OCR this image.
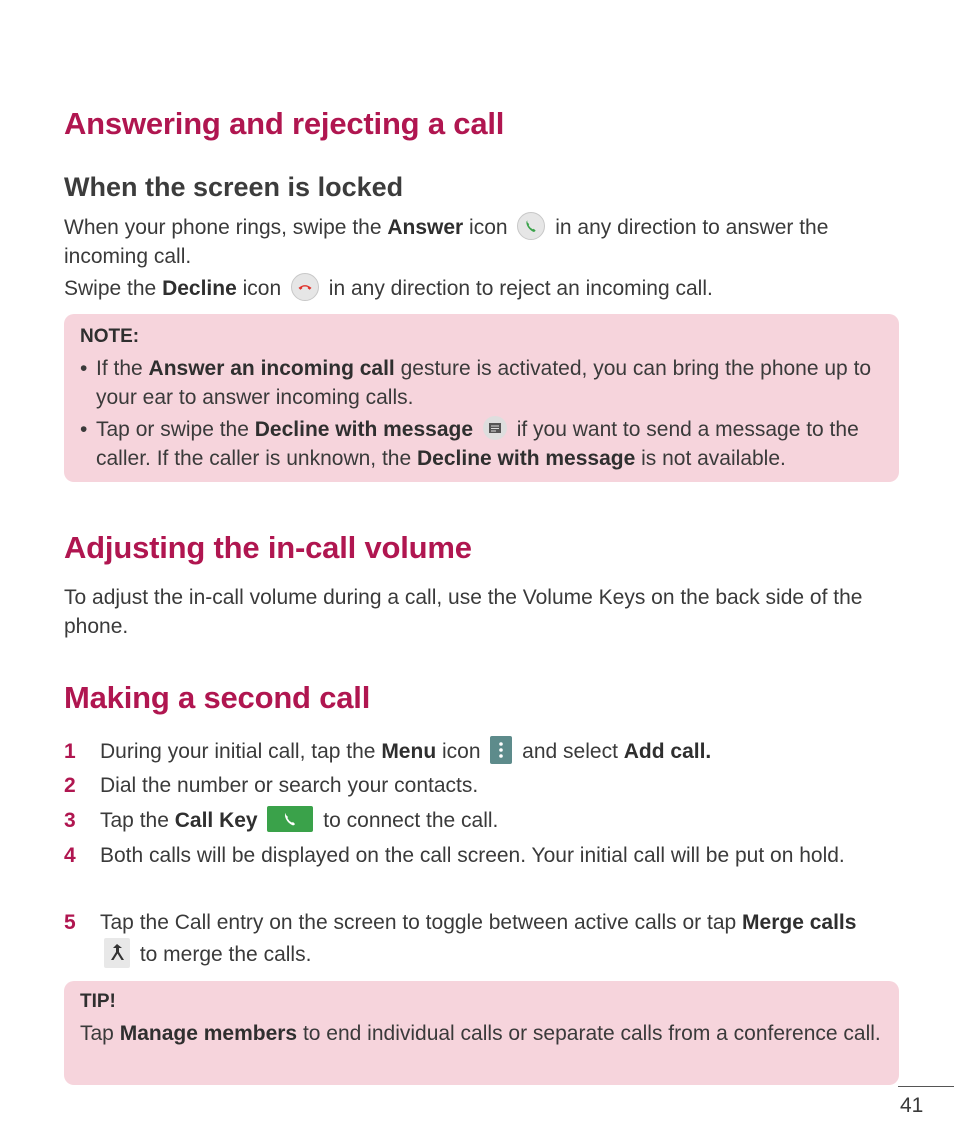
Answering and rejecting a call
When the screen is locked

When your phone rings, swipe the Answer icon
in any direction to answer the incoming call.

Swipe the Decline icon
in any direction to reject an incoming call.

NOTE:
• If the Answer an incoming call gesture is activated, you can bring the phone up to your ear to answer incoming calls.
• Tap or swipe the Decline with message
if you want to send a message to the caller. If the caller is unknown, the Decline with message is not available.
Adjusting the in-call volume

To adjust the in-call volume during a call, use the Volume Keys on the back side of the phone.

Making a second call
1 During your initial call, tap the Menu icon
and select Add call.
2 Dial the number or search your contacts.
3 Tap the Call Key	to connect the call.
4 Both calls will be displayed on the call screen. Your initial call will be put on hold.
5 Tap the Call entry on the screen to toggle between active calls or tap Merge calls
to merge the calls.
TIP!
Tap Manage members to end individual calls or separate calls from a conference call.
41
